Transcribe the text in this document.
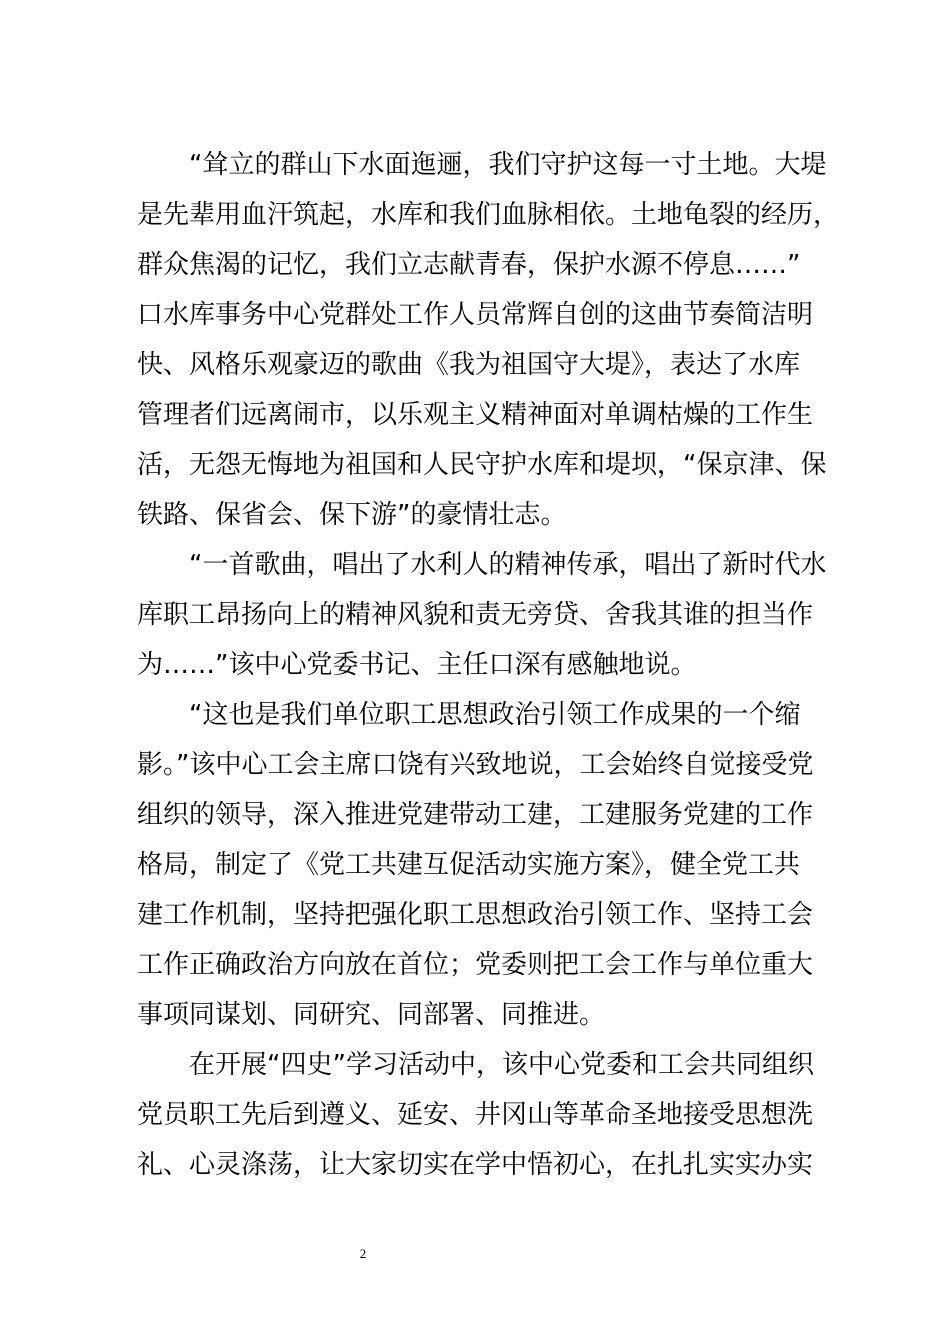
　　“耸立的群山下水面迤逦，我们守护这每一寸土地。大堤
是先辈用血汗筑起，水库和我们血脉相依。土地龟裂的经历，
群众焦渴的记忆，我们立志献青春，保护水源不停息……”
口水库事务中心党群处工作人员常辉自创的这曲节奏简洁明
快、风格乐观豪迈的歌曲《我为祖国守大堤》，表达了水库
管理者们远离闹市，以乐观主义精神面对单调枯燥的工作生
活，无怨无悔地为祖国和人民守护水库和堤坝，“保京津、保
铁路、保省会、保下游”的豪情壮志。
　　“一首歌曲，唱出了水利人的精神传承，唱出了新时代水
库职工昂扬向上的精神风貌和责无旁贷、舍我其谁的担当作
为……”该中心党委书记、主任口深有感触地说。
　　“这也是我们单位职工思想政治引领工作成果的一个缩
影。”该中心工会主席口饶有兴致地说，工会始终自觉接受党
组织的领导，深入推进党建带动工建，工建服务党建的工作
格局，制定了《党工共建互促活动实施方案》，健全党工共
建工作机制，坚持把强化职工思想政治引领工作、坚持工会
工作正确政治方向放在首位；党委则把工会工作与单位重大
事项同谋划、同研究、同部署、同推进。
　　在开展“四史”学习活动中，该中心党委和工会共同组织
党员职工先后到遵义、延安、井冈山等革命圣地接受思想洗
礼、心灵涤荡，让大家切实在学中悟初心，在扎扎实实办实
2
